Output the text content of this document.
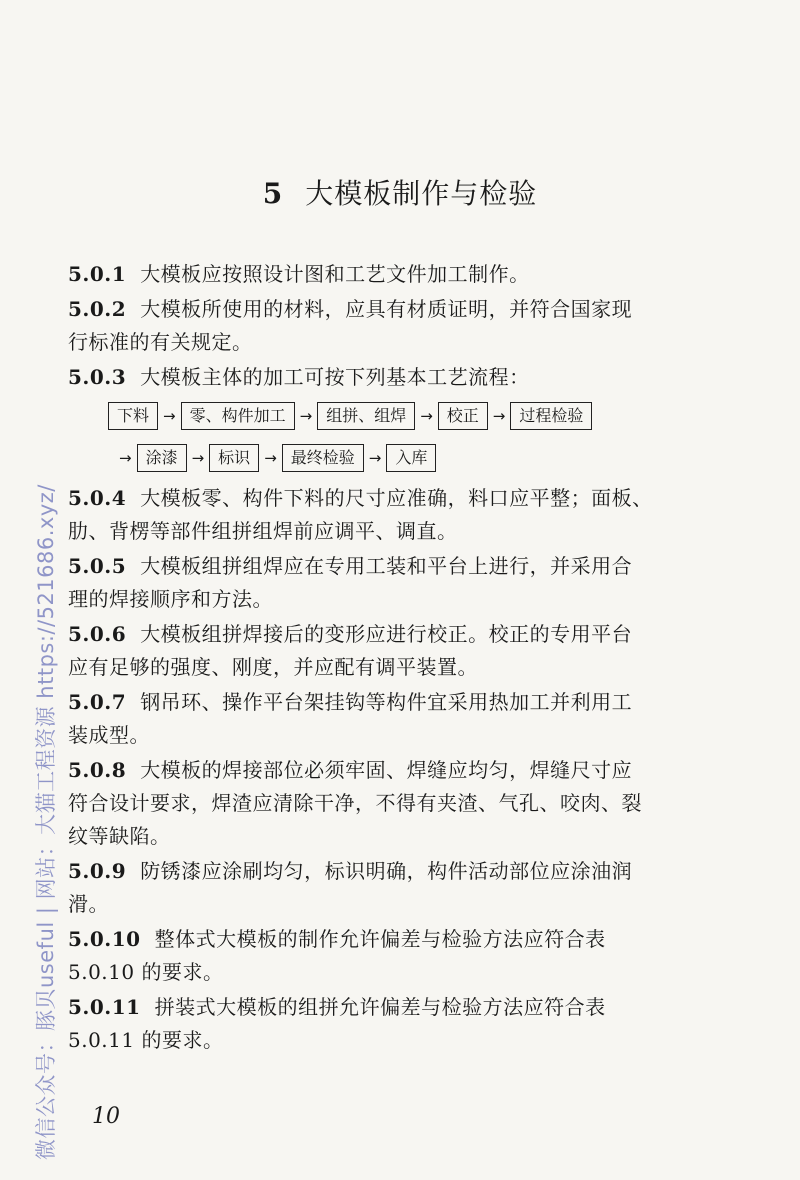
微信公众号：豚贝useful | 网站：大猫工程资源 https://521686.xyz/
5 大模板制作与检验
5.0.1 大模板应按照设计图和工艺文件加工制作。
5.0.2 大模板所使用的材料，应具有材质证明，并符合国家现
行标准的有关规定。
5.0.3 大模板主体的加工可按下列基本工艺流程：
下料 → 零、构件加工 → 组拼、组焊 → 校正 → 过程检验
→ 涂漆 → 标识 → 最终检验 → 入库
5.0.4 大模板零、构件下料的尺寸应准确，料口应平整；面板、
肋、背楞等部件组拼组焊前应调平、调直。
5.0.5 大模板组拼组焊应在专用工装和平台上进行，并采用合
理的焊接顺序和方法。
5.0.6 大模板组拼焊接后的变形应进行校正。校正的专用平台
应有足够的强度、刚度，并应配有调平装置。
5.0.7 钢吊环、操作平台架挂钩等构件宜采用热加工并利用工
装成型。
5.0.8 大模板的焊接部位必须牢固、焊缝应均匀，焊缝尺寸应
符合设计要求，焊渣应清除干净，不得有夹渣、气孔、咬肉、裂
纹等缺陷。
5.0.9 防锈漆应涂刷均匀，标识明确，构件活动部位应涂油润
滑。
5.0.10 整体式大模板的制作允许偏差与检验方法应符合表
5.0.10 的要求。
5.0.11 拼装式大模板的组拼允许偏差与检验方法应符合表
5.0.11 的要求。
10
